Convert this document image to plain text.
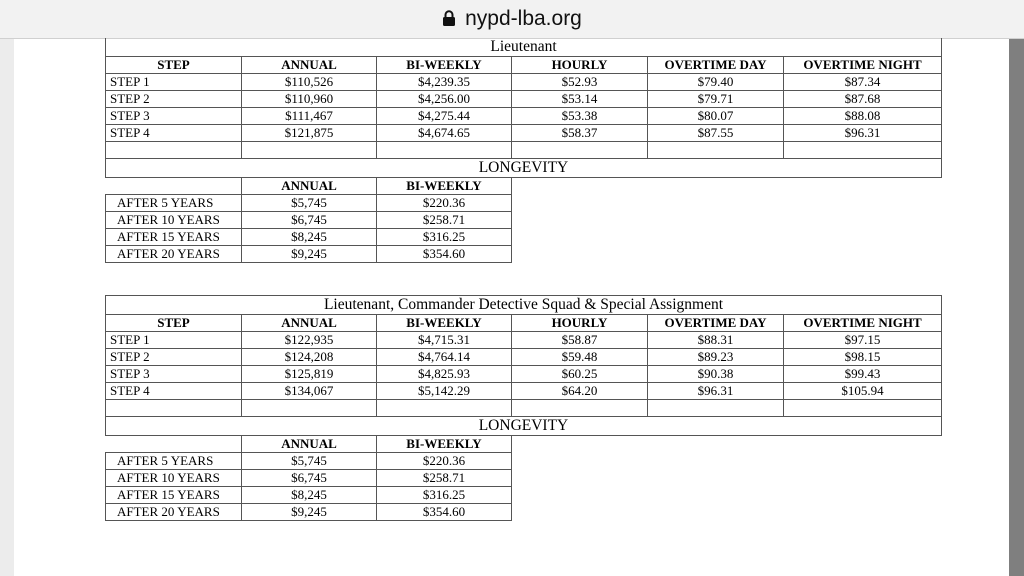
nypd-lba.org
Lieutenant					
STEP	ANNUAL	BI-WEEKLY	HOURLY	OVERTIME DAY	OVERTIME NIGHT
STEP 1	$110,526	$4,239.35	$52.93	$79.40	$87.34
STEP 2	$110,960	$4,256.00	$53.14	$79.71	$87.68
STEP 3	$111,467	$4,275.44	$53.38	$80.07	$88.08
STEP 4	$121,875	$4,674.65	$58.37	$87.55	$96.31

LONGEVITY					
	ANNUAL	BI-WEEKLY			
AFTER 5 YEARS	$5,745	$220.36			
AFTER 10 YEARS	$6,745	$258.71			
AFTER 15 YEARS	$8,245	$316.25			
AFTER 20 YEARS	$9,245	$354.60			
Lieutenant, Commander Detective Squad & Special Assignment					
STEP	ANNUAL	BI-WEEKLY	HOURLY	OVERTIME DAY	OVERTIME NIGHT
STEP 1	$122,935	$4,715.31	$58.87	$88.31	$97.15
STEP 2	$124,208	$4,764.14	$59.48	$89.23	$98.15
STEP 3	$125,819	$4,825.93	$60.25	$90.38	$99.43
STEP 4	$134,067	$5,142.29	$64.20	$96.31	$105.94

LONGEVITY					
	ANNUAL	BI-WEEKLY			
AFTER 5 YEARS	$5,745	$220.36			
AFTER 10 YEARS	$6,745	$258.71			
AFTER 15 YEARS	$8,245	$316.25			
AFTER 20 YEARS	$9,245	$354.60			
